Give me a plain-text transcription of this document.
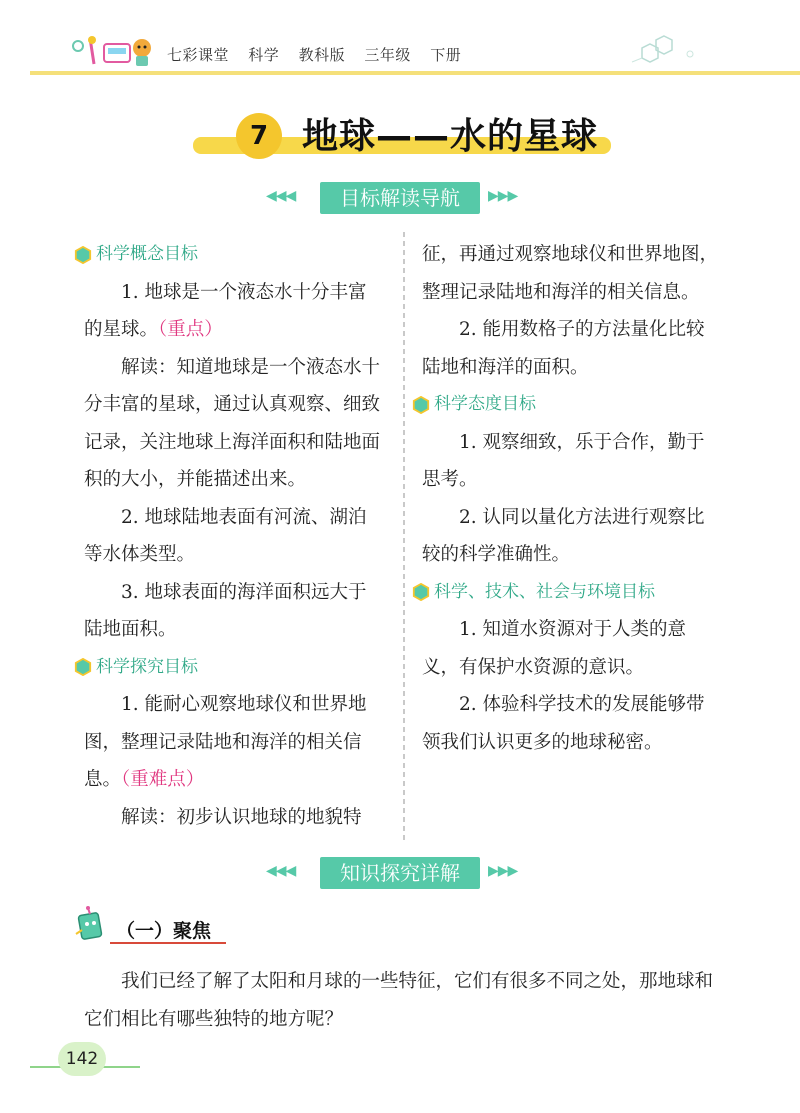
七彩课堂 科学 教科版 三年级 下册
7 地球——水的星球
◀◀◀	目标解读导航	▶▶▶
科学概念目标

1. 地球是一个液态水十分丰富的星球。（重点）

解读：知道地球是一个液态水十分丰富的星球，通过认真观察、细致记录，关注地球上海洋面积和陆地面积的大小，并能描述出来。

2. 地球陆地表面有河流、湖泊等水体类型。

3. 地球表面的海洋面积远大于陆地面积。

科学探究目标

1. 能耐心观察地球仪和世界地图，整理记录陆地和海洋的相关信息。（重难点）

解读：初步认识地球的地貌特

征，再通过观察地球仪和世界地图，整理记录陆地和海洋的相关信息。

2. 能用数格子的方法量化比较陆地和海洋的面积。

科学态度目标

1. 观察细致，乐于合作，勤于思考。

2. 认同以量化方法进行观察比较的科学准确性。

科学、技术、社会与环境目标

1. 知道水资源对于人类的意义，有保护水资源的意识。

2. 体验科学技术的发展能够带领我们认识更多的地球秘密。

◀◀◀	知识探究详解	▶▶▶
（一）聚焦

我们已经了解了太阳和月球的一些特征，它们有很多不同之处，那地球和它们相比有哪些独特的地方呢？

142
